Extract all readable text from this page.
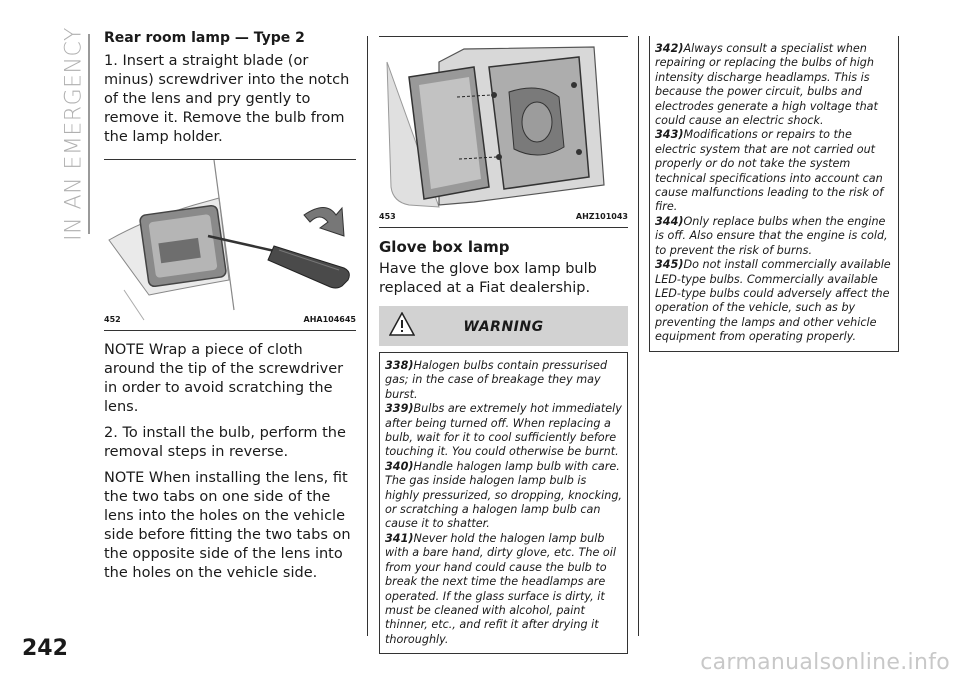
IN AN EMERGENCY Rear room lamp — Type 2
1. Insert a straight blade (or minus) screwdriver into the notch of the lens and pry gently to remove it. Remove the bulb from the lamp holder.
452	AHA104645
NOTE Wrap a piece of cloth around the tip of the screwdriver in order to avoid scratching the lens.
2. To install the bulb, perform the removal steps in reverse.
NOTE When installing the lens, fit the two tabs on one side of the lens into the holes on the vehicle side before fitting the two tabs on the opposite side of the lens into the holes on the vehicle side.
453	AHZ101043
Glove box lamp
Have the glove box lamp bulb replaced at a Fiat dealership.
WARNING
338)Halogen bulbs contain pressurised gas; in the case of breakage they may burst.
339)Bulbs are extremely hot immediately after being turned off. When replacing a bulb, wait for it to cool sufficiently before touching it. You could otherwise be burnt.
340)Handle halogen lamp bulb with care. The gas inside halogen lamp bulb is highly pressurized, so dropping, knocking, or scratching a halogen lamp bulb can cause it to shatter.
341)Never hold the halogen lamp bulb with a bare hand, dirty glove, etc. The oil from your hand could cause the bulb to break the next time the headlamps are operated. If the glass surface is dirty, it must be cleaned with alcohol, paint thinner, etc., and refit it after drying it thoroughly.
342)Always consult a specialist when repairing or replacing the bulbs of high intensity discharge headlamps. This is because the power circuit, bulbs and electrodes generate a high voltage that could cause an electric shock.
343)Modifications or repairs to the electric system that are not carried out properly or do not take the system technical specifications into account can cause malfunctions leading to the risk of fire.
344)Only replace bulbs when the engine is off. Also ensure that the engine is cold, to prevent the risk of burns.
345)Do not install commercially available LED-type bulbs. Commercially available LED-type bulbs could adversely affect the operation of the vehicle, such as by preventing the lamps and other vehicle equipment from operating properly.
242
carmanualsonline.info
